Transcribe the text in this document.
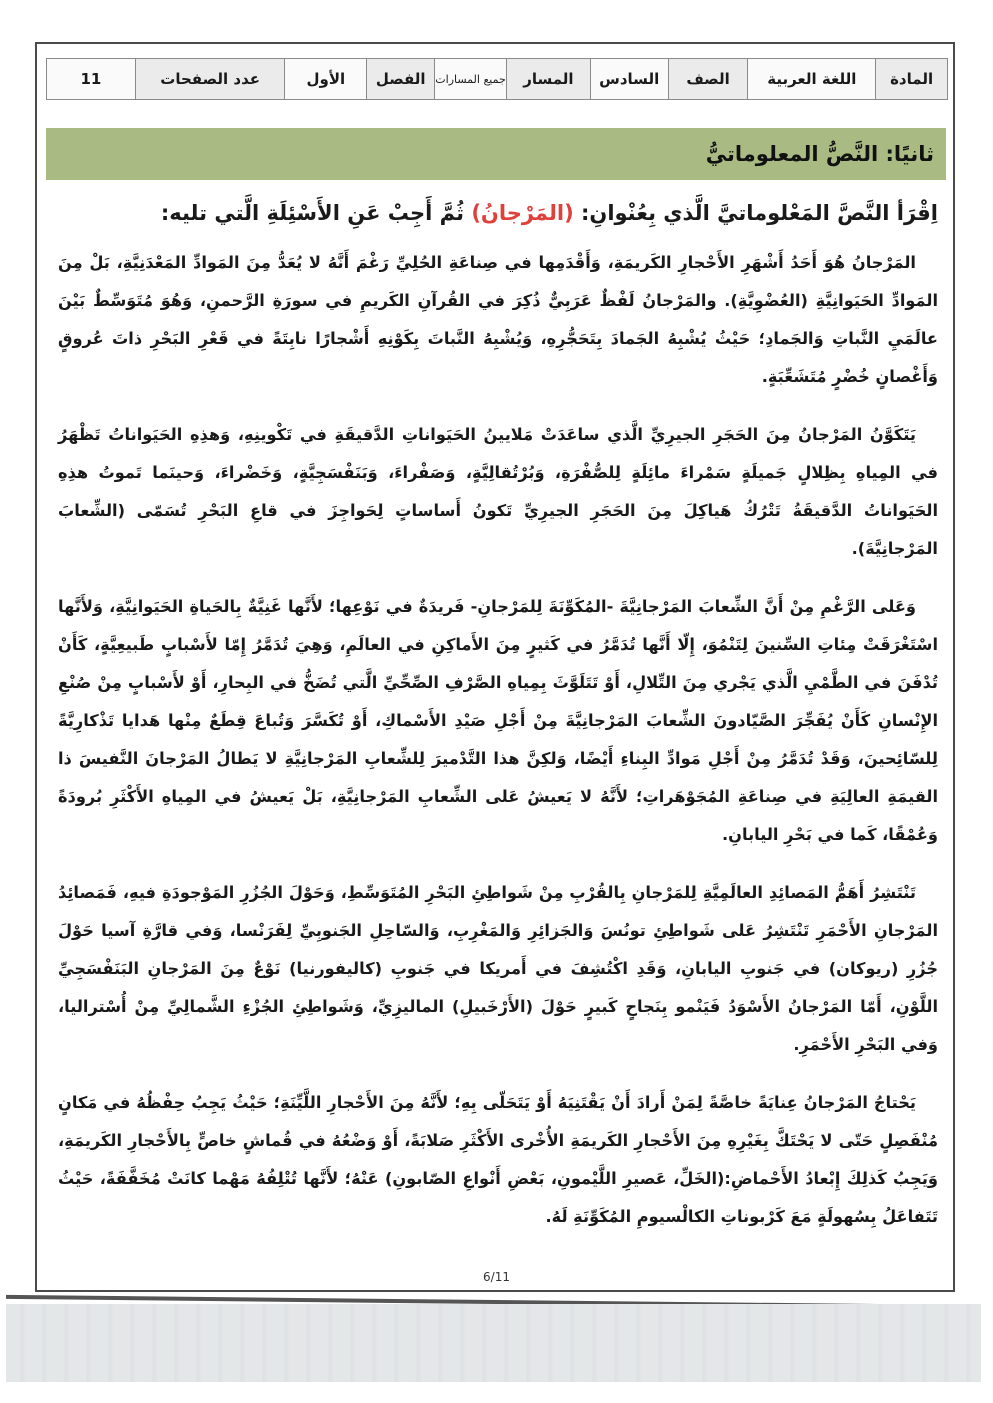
المادة
اللغة العربية
الصف
السادس
المسار
جميع المسارات
الفصل
الأول
عدد الصفحات
11
ثانيًا: النَّصُّ المعلوماتيُّ
اِقْرَأ النَّصَّ المَعْلوماتيَّ الَّذي بِعُنْوانِ: (المَرْجانُ) ثُمَّ أَجِبْ عَنِ الأَسْئِلَةِ الَّتي تليه:

المَرْجانُ هُوَ أَحَدُ أَشْهَرِ الأَحْجارِ الكَريمَةِ، وَأَقْدَمِها في صِناعَةِ الحُلِيِّ رَغْمَ أَنَّهُ لا يُعَدُّ مِنَ المَوادِّ المَعْدَنِيَّةِ، بَلْ مِنَ المَوادِّ الحَيَوانِيَّةِ (العُضْوِيَّةِ). والمَرْجانُ لَفْظٌ عَرَبِيٌّ ذُكِرَ في القُرآنِ الكَريمِ في سورَةِ الرَّحمنِ، وَهُوَ مُتَوَسِّطٌ بَيْنَ عالَمَيِ النَّباتِ وَالجَمادِ؛ حَيْثُ يُشْبِهُ الجَمادَ بِتَحَجُّرِهِ، وَيُشْبِهُ النَّباتَ بِكَوْنِهِ أَشْجارًا نابِتَةً في قَعْرِ البَحْرِ ذاتَ عُروقٍ وَأَغْصانٍ خُضْرٍ مُتَشَعِّبَةٍ.

يَتَكَوَّنُ المَرْجانُ مِنَ الحَجَرِ الجيرِيِّ الَّذي ساعَدَتْ مَلايينُ الحَيَواناتِ الدَّقيقَةِ في تَكْوينِهِ، وَهذِهِ الحَيَواناتُ تَظْهَرُ في المِياهِ بِظِلالٍ جَميلَةٍ سَمْراءَ مائِلَةٍ لِلصُّفْرَةِ، وَبُرْتُقالِيَّةٍ، وَصَفْراءَ، وَبَنَفْسَجِيَّةٍ، وَخَضْراءَ، وَحينَما تَموتُ هذِهِ الحَيَواناتُ الدَّقيقَةُ تَتْرُكُ هَياكِلَ مِنَ الحَجَرِ الجيرِيِّ تَكونُ أَساساتٍ لِحَواجِزَ في قاعِ البَحْرِ تُسَمّى (الشِّعابَ المَرْجانِيَّةَ).

وَعَلى الرَّغْمِ مِنْ أَنَّ الشِّعابَ المَرْجانِيَّةَ -المُكَوِّنَةَ لِلمَرْجانِ- فَريدَةٌ في نَوْعِها؛ لأَنَّها غَنِيَّةٌ بِالحَياةِ الحَيَوانِيَّةِ، وَلأَنَّها اسْتَغْرَقَتْ مِئاتِ السِّنينَ لِتَنْمُوَ، إِلّا أَنَّها تُدَمَّرُ في كَثيرٍ مِنَ الأَماكِنِ في العالَمِ، وَهِيَ تُدَمَّرُ إِمّا لأَسْبابٍ طَبيعِيَّةٍ، كَأَنْ تُدْفَنَ في الطَّمْيِ الَّذي يَجْري مِنَ التِّلالِ، أَوْ تَتَلَوَّثَ بِمِياهِ الصَّرْفِ الصِّحِّيِّ الَّتي تُضَخُّ في البِحارِ، أَوْ لأَسْبابٍ مِنْ صُنْعِ الإِنْسانِ كَأَنْ يُفَجِّرَ الصَّيّادونَ الشِّعابَ المَرْجانِيَّةَ مِنْ أَجْلِ صَيْدِ الأَسْماكِ، أَوْ تُكَسَّرَ وَتُباعَ قِطَعٌ مِنْها هَدايا تَذْكارِيَّةً لِلسّائِحينَ، وَقَدْ تُدَمَّرُ مِنْ أَجْلِ مَوادِّ البِناءِ أَيْضًا، وَلكِنَّ هذا التَّدْميرَ لِلشِّعابِ المَرْجانِيَّةِ لا يَطالُ المَرْجانَ النَّفيسَ ذا القيمَةِ العالِيَةِ في صِناعَةِ المُجَوْهَراتِ؛ لأَنَّهُ لا يَعيشُ عَلى الشِّعابِ المَرْجانِيَّةِ، بَلْ يَعيشُ في المِياهِ الأَكْثَرِ بُرودَةً وَعُمْقًا، كَما في بَحْرِ اليابانِ.

تَنْتَشِرُ أَهَمُّ المَصائِدِ العالَمِيَّةِ لِلمَرْجانِ بِالقُرْبِ مِنْ شَواطِئِ البَحْرِ المُتَوَسِّطِ، وَحَوْلَ الجُزُرِ المَوْجودَةِ فيهِ، فَمَصائِدُ المَرْجانِ الأَحْمَرِ تَنْتَشِرُ عَلى شَواطِئِ تونُسَ وَالجَزائِرِ وَالمَغْرِبِ، وَالسّاحِلِ الجَنوبِيِّ لِفَرَنْسا، وَفي قارَّةِ آسيا حَوْلَ جُزُرِ (ريوكان) في جَنوبِ اليابانِ، وَقَدِ اكْتُشِفَ في أَمريكا في جَنوبِ (كاليفورنيا) نَوْعٌ مِنَ المَرْجانِ البَنَفْسَجِيِّ اللَّوْنِ، أَمّا المَرْجانُ الأَسْوَدُ فَيَنْمو بِنَجاحٍ كَبيرٍ حَوْلَ (الأَرْخَبيلِ) الماليزِيِّ، وَشَواطِئِ الجُزْءِ الشَّمالِيِّ مِنْ أُسْتراليا، وَفي البَحْرِ الأَحْمَرِ.

يَحْتاجُ المَرْجانُ عِنايَةً خاصَّةً لِمَنْ أَرادَ أَنْ يَقْتَنِيَهُ أَوْ يَتَحَلّى بِهِ؛ لأَنَّهُ مِنَ الأَحْجارِ اللَّيِّنَةِ؛ حَيْثُ يَجِبُ حِفْظُهُ في مَكانٍ مُنْفَصِلٍ حَتّى لا يَحْتَكَّ بِغَيْرِهِ مِنَ الأَحْجارِ الكَريمَةِ الأُخْرى الأَكْثَرِ صَلابَةً، أَوْ وَضْعُهُ في قُماشٍ خاصٍّ بِالأَحْجارِ الكَريمَةِ، وَيَجِبُ كَذلِكَ إِبْعادُ الأَحْماضِ:(الخَلِّ، عَصيرِ اللَّيْمونِ، بَعْضِ أَنْواعِ الصّابونِ) عَنْهُ؛ لأَنَّها تُتْلِفُهُ مَهْما كانَتْ مُخَفَّفَةً، حَيْثُ تَتَفاعَلُ بِسُهولَةٍ مَعَ كَرْبوناتِ الكالْسيومِ المُكَوِّنَةِ لَهُ.

6/11
